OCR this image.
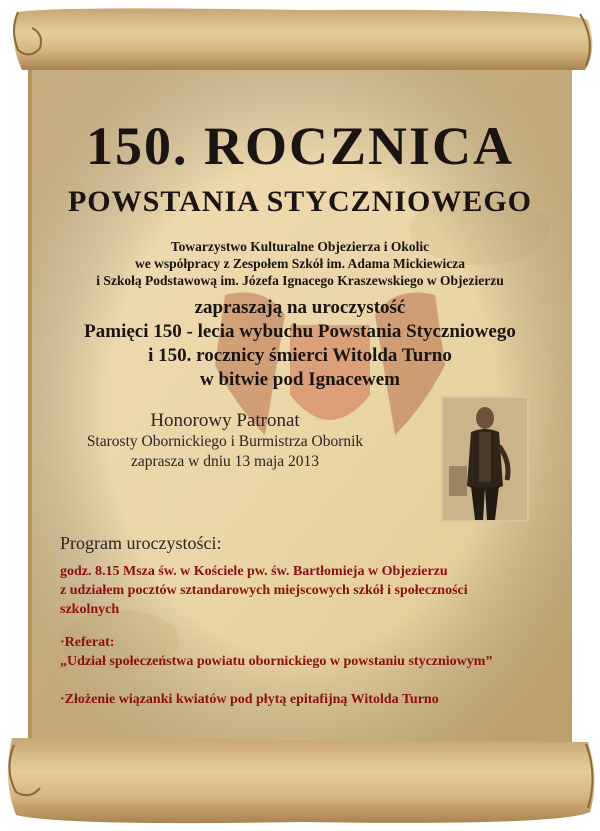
150. ROCZNICA
POWSTANIA STYCZNIOWEGO
Towarzystwo Kulturalne Objezierza i Okolic
we współpracy z Zespołem Szkół im. Adama Mickiewicza
i Szkołą Podstawową im. Józefa Ignacego Kraszewskiego w Objezierzu
zapraszają na uroczystość
Pamięci 150 - lecia wybuchu Powstania Styczniowego
i 150. rocznicy śmierci Witolda Turno
w bitwie pod Ignacewem
Honorowy Patronat
Starosty Obornickiego i Burmistrza Obornik
zaprasza w dniu 13 maja 2013
Program uroczystości:
godz. 8.15 Msza św. w Kościele pw. św. Bartłomieja w Objezierzu
z udziałem pocztów sztandarowych miejscowych szkół i społeczności
szkolnych
·Referat:
„Udział społeczeństwa powiatu obornickiego w powstaniu styczniowym”
·Złożenie wiązanki kwiatów pod płytą epitafijną Witolda Turno
